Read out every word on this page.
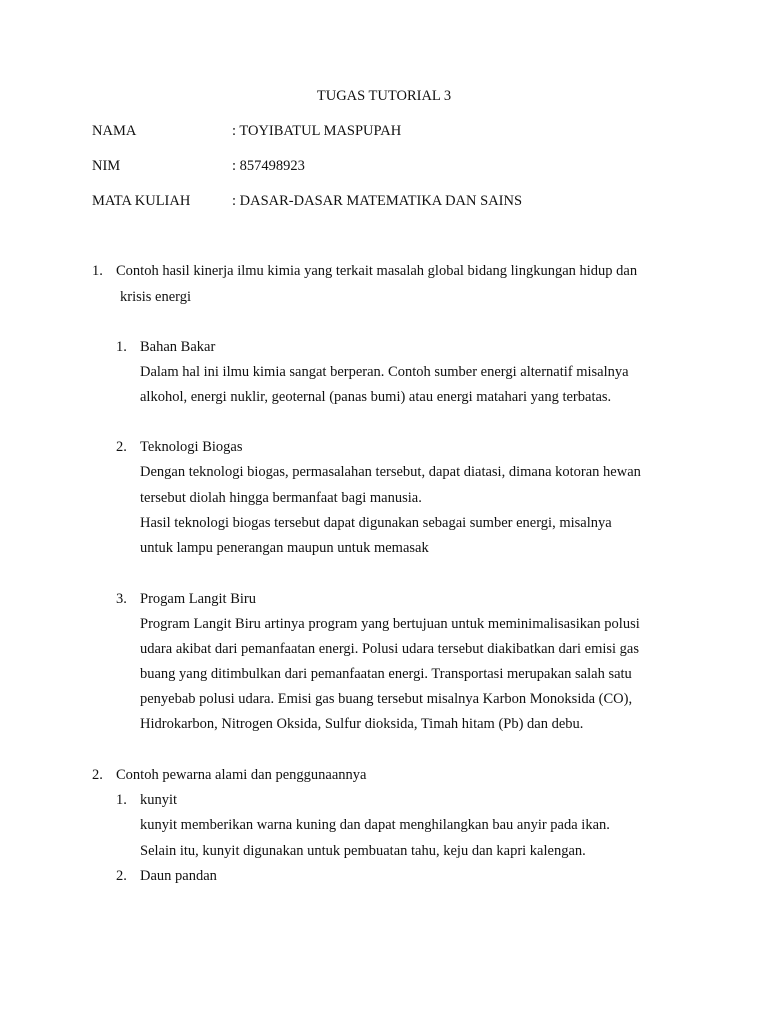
TUGAS TUTORIAL 3
NAMA	: TOYIBATUL MASPUPAH
NIM	: 857498923
MATA KULIAH	: DASAR-DASAR MATEMATIKA DAN SAINS
1. Contoh hasil kinerja ilmu kimia yang terkait masalah global bidang lingkungan hidup dan
krisis energi
1. Bahan Bakar
Dalam hal ini ilmu kimia sangat berperan. Contoh sumber energi alternatif misalnya
alkohol, energi nuklir, geoternal (panas bumi) atau energi matahari yang terbatas.
2. Teknologi Biogas
Dengan teknologi biogas, permasalahan tersebut, dapat diatasi, dimana kotoran hewan
tersebut diolah hingga bermanfaat bagi manusia.
Hasil teknologi biogas tersebut dapat digunakan sebagai sumber energi, misalnya
untuk lampu penerangan maupun untuk memasak
3. Progam Langit Biru
Program Langit Biru artinya program yang bertujuan untuk meminimalisasikan polusi
udara akibat dari pemanfaatan energi. Polusi udara tersebut diakibatkan dari emisi gas
buang yang ditimbulkan dari pemanfaatan energi. Transportasi merupakan salah satu
penyebab polusi udara. Emisi gas buang tersebut misalnya Karbon Monoksida (CO),
Hidrokarbon, Nitrogen Oksida, Sulfur dioksida, Timah hitam (Pb) dan debu.
2. Contoh pewarna alami dan penggunaannya
1. kunyit
kunyit memberikan warna kuning dan dapat menghilangkan bau anyir pada ikan.
Selain itu, kunyit digunakan untuk pembuatan tahu, keju dan kapri kalengan.
2. Daun pandan
